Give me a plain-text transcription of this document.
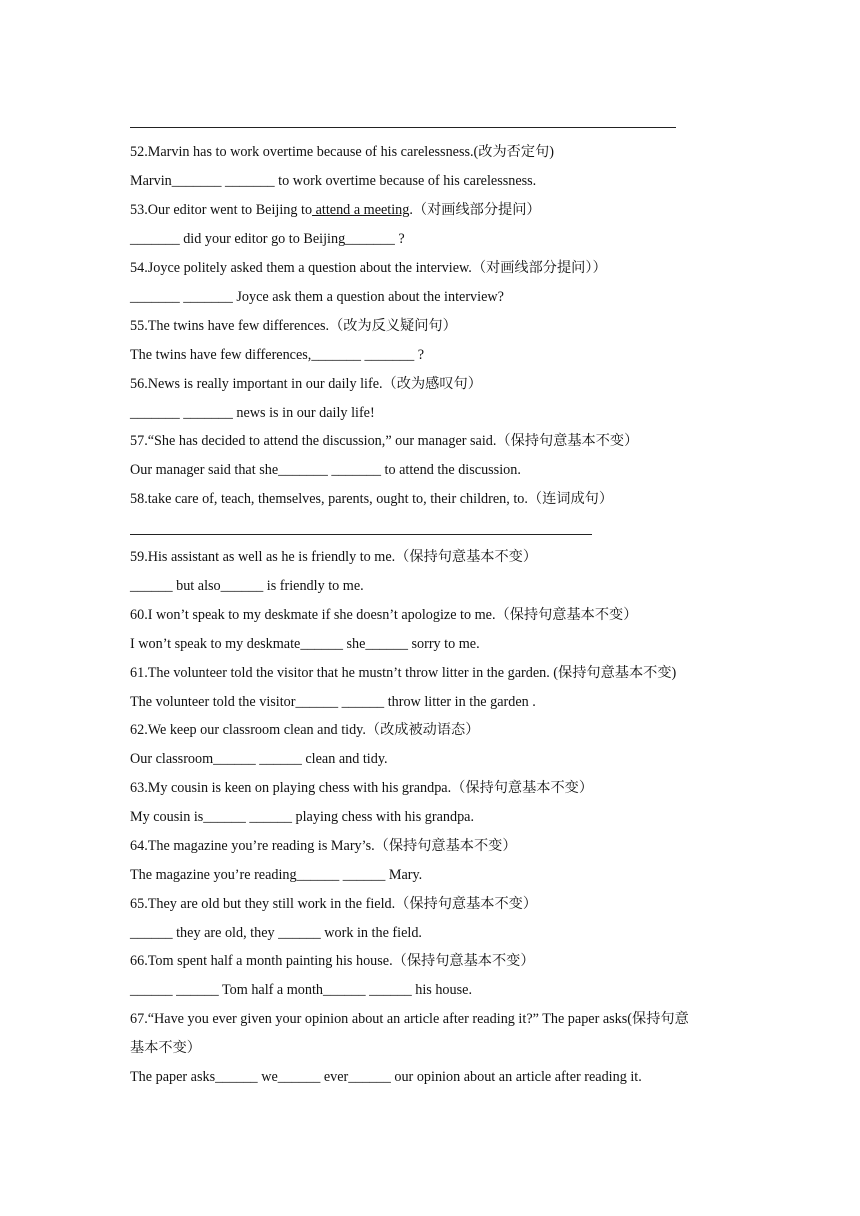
52.Marvin has to work overtime because of his carelessness.(改为否定句)
Marvin_______ _______ to work overtime because of his carelessness.
53.Our editor went to Beijing to attend a meeting.（对画线部分提问）
_______ did your editor go to Beijing_______ ?
54.Joyce politely asked them a question about the interview.（对画线部分提问））
_______ _______ Joyce ask them a question about the interview?
55.The twins have few differences.（改为反义疑问句）
The twins have few differences,_______ _______ ?
56.News is really important in our daily life.（改为感叹句）
_______ _______ news is in our daily life!
57.“She has decided to attend the discussion,” our manager said.（保持句意基本不变）
Our manager said that she_______ _______ to attend the discussion.
58.take care of, teach, themselves, parents, ought to, their children, to.（连词成句）
59.His assistant as well as he is friendly to me.（保持句意基本不变）
______ but also______ is friendly to me.
60.I won’t speak to my deskmate if she doesn’t apologize to me.（保持句意基本不变）
I won’t speak to my deskmate______ she______ sorry to me.
61.The volunteer told the visitor that he mustn’t throw litter in the garden. (保持句意基本不变)
The volunteer told the visitor______ ______ throw litter in the garden .
62.We keep our classroom clean and tidy.（改成被动语态）
Our classroom______ ______ clean and tidy.
63.My cousin is keen on playing chess with his grandpa.（保持句意基本不变）
My cousin is______ ______ playing chess with his grandpa.
64.The magazine you’re reading is Mary’s.（保持句意基本不变）
The magazine you’re reading______ ______ Mary.
65.They are old but they still work in the field.（保持句意基本不变）
______ they are old, they ______ work in the field.
66.Tom spent half a month painting his house.（保持句意基本不变）
______ ______ Tom half a month______ ______ his house.
67.“Have you ever given your opinion about an article after reading it?” The paper asks(保持句意
基本不变）
The paper asks______ we______ ever______ our opinion about an article after reading it.
